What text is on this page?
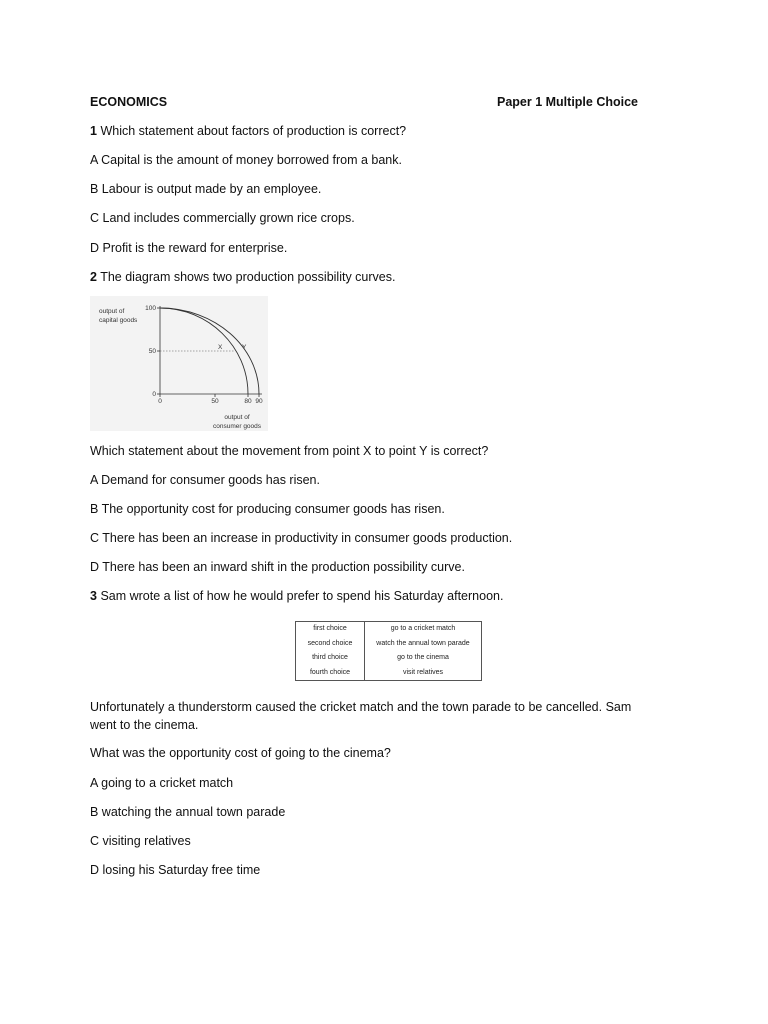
ECONOMICS	Paper 1 Multiple Choice

1 Which statement about factors of production is correct?

A Capital is the amount of money borrowed from a bank.

B Labour is output made by an employee.

C Land includes commercially grown rice crops.

D Profit is the reward for enterprise.

2 The diagram shows two production possibility curves.

output of
capital goods
output of
consumer goods
0
50
100
0	50	80 90
X	Y

Which statement about the movement from point X to point Y is correct?

A Demand for consumer goods has risen.

B The opportunity cost for producing consumer goods has risen.

C There has been an increase in productivity in consumer goods production.

D There has been an inward shift in the production possibility curve.

3 Sam wrote a list of how he would prefer to spend his Saturday afternoon.

first choice	go to a cricket match
second choice	watch the annual town parade
third choice	go to the cinema
fourth choice	visit relatives

Unfortunately a thunderstorm caused the cricket match and the town parade to be cancelled. Sam went to the cinema.

What was the opportunity cost of going to the cinema?

A going to a cricket match

B watching the annual town parade

C visiting relatives

D losing his Saturday free time
